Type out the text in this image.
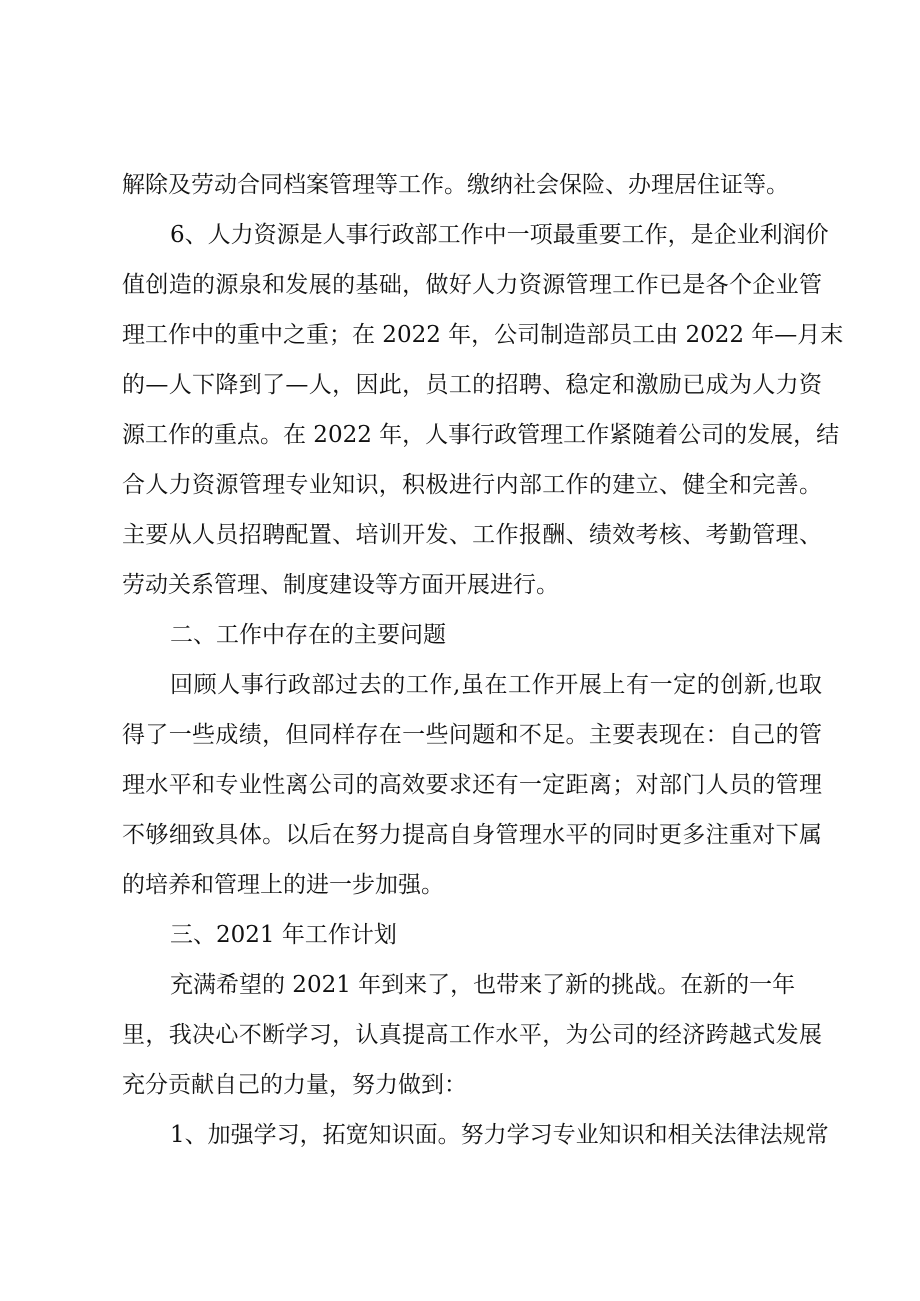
解除及劳动合同档案管理等工作。缴纳社会保险、办理居住证等。

6、人力资源是人事行政部工作中一项最重要工作，是企业利润价

值创造的源泉和发展的基础，做好人力资源管理工作已是各个企业管

理工作中的重中之重；在 2022 年，公司制造部员工由 2022 年—月末

的—人下降到了—人，因此，员工的招聘、稳定和激励已成为人力资

源工作的重点。在 2022 年，人事行政管理工作紧随着公司的发展，结

合人力资源管理专业知识，积极进行内部工作的建立、健全和完善。

主要从人员招聘配置、培训开发、工作报酬、绩效考核、考勤管理、

劳动关系管理、制度建设等方面开展进行。

二、工作中存在的主要问题

回顾人事行政部过去的工作,虽在工作开展上有一定的创新,也取

得了一些成绩，但同样存在一些问题和不足。主要表现在：自己的管

理水平和专业性离公司的高效要求还有一定距离；对部门人员的管理

不够细致具体。以后在努力提高自身管理水平的同时更多注重对下属

的培养和管理上的进一步加强。

三、2021 年工作计划

充满希望的 2021 年到来了，也带来了新的挑战。在新的一年

里，我决心不断学习，认真提高工作水平，为公司的经济跨越式发展

充分贡献自己的力量，努力做到：

1、加强学习，拓宽知识面。努力学习专业知识和相关法律法规常
